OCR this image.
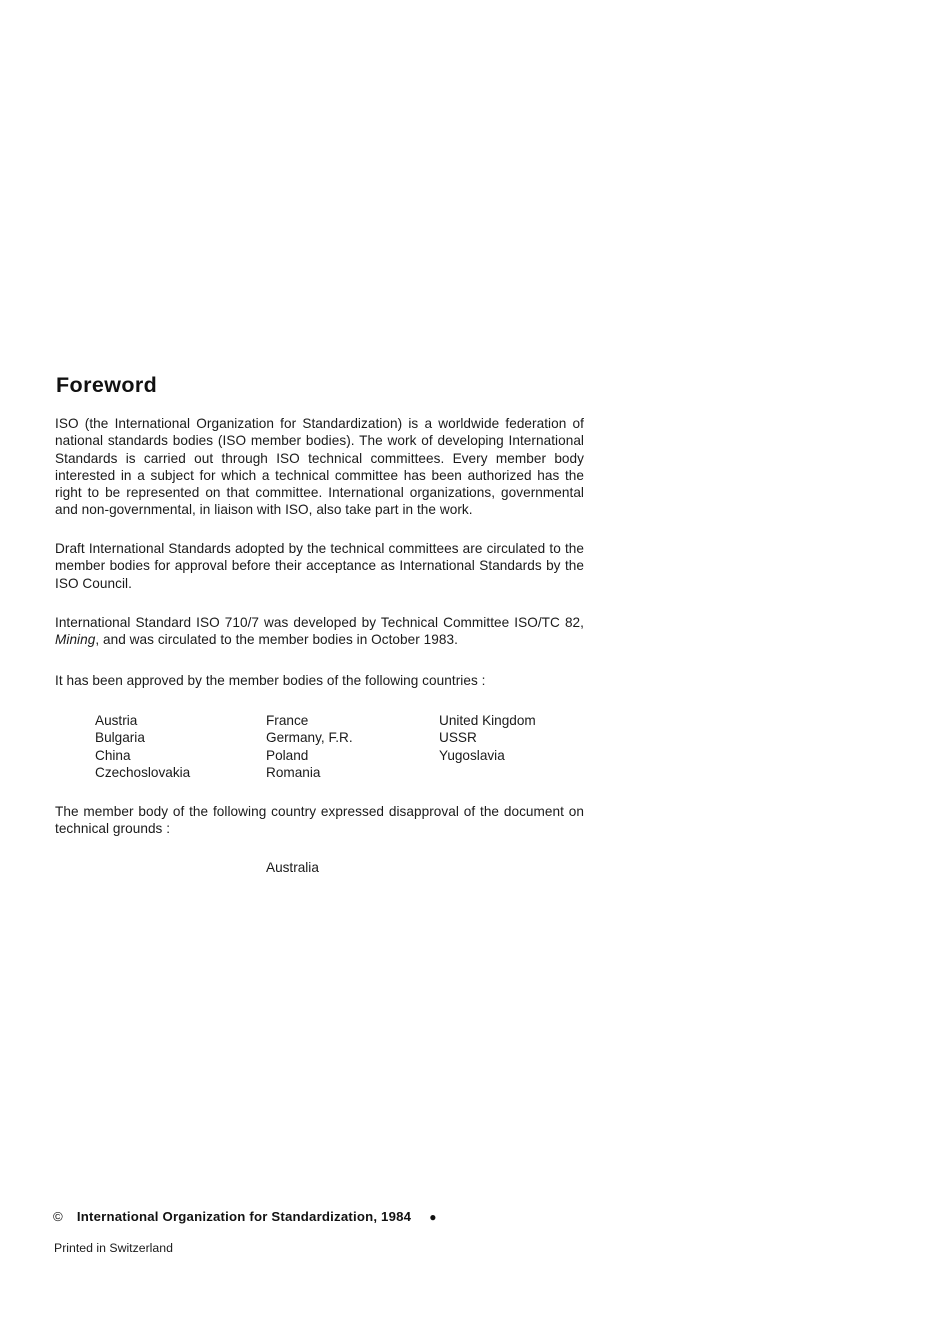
Foreword

ISO (the International Organization for Standardization) is a worldwide federation of national standards bodies (ISO member bodies). The work of developing International Standards is carried out through ISO technical committees. Every member body interested in a subject for which a technical committee has been authorized has the right to be represented on that committee. International organizations, governmental and non-governmental, in liaison with ISO, also take part in the work.

Draft International Standards adopted by the technical committees are circulated to the member bodies for approval before their acceptance as International Standards by the ISO Council.

International Standard ISO 710/7 was developed by Technical Committee ISO/TC 82, Mining, and was circulated to the member bodies in October 1983.

It has been approved by the member bodies of the following countries :

Austria
Bulgaria
China
Czechoslovakia
France
Germany, F.R.
Poland
Romania
United Kingdom
USSR
Yugoslavia

The member body of the following country expressed disapproval of the document on technical grounds :

Australia
© International Organization for Standardization, 1984 ●
Printed in Switzerland
